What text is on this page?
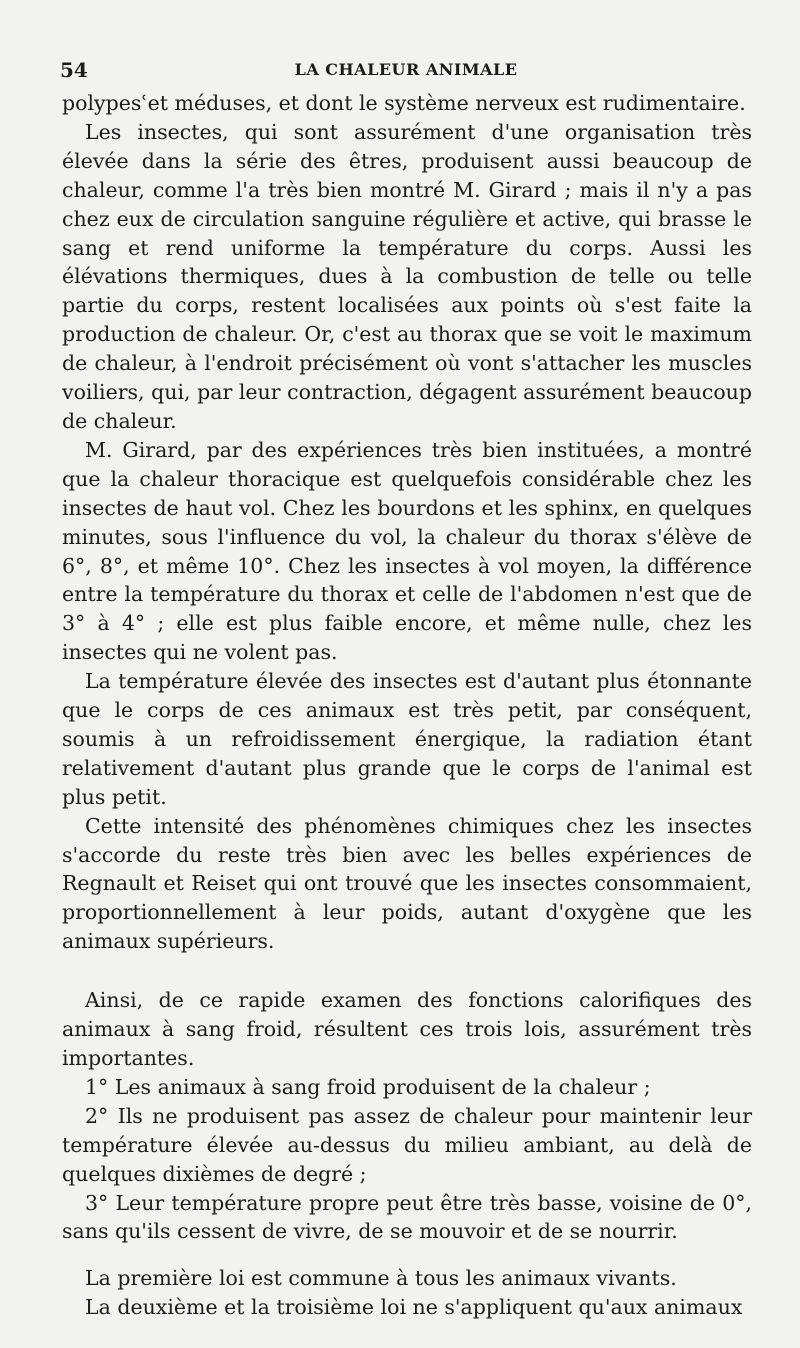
54	LA CHALEUR ANIMALE

polypesʿet méduses, et dont le système nerveux est rudimentaire.

Les insectes, qui sont assurément d'une organisation très élevée dans la série des êtres, produisent aussi beaucoup de chaleur, comme l'a très bien montré M. Girard ; mais il n'y a pas chez eux de circulation sanguine régulière et active, qui brasse le sang et rend uniforme la température du corps. Aussi les élévations thermiques, dues à la combustion de telle ou telle partie du corps, restent localisées aux points où s'est faite la production de chaleur. Or, c'est au thorax que se voit le maximum de chaleur, à l'endroit précisément où vont s'attacher les muscles voiliers, qui, par leur contraction, dégagent assurément beaucoup de chaleur.

M. Girard, par des expériences très bien instituées, a montré que la chaleur thoracique est quelquefois considérable chez les insectes de haut vol. Chez les bourdons et les sphinx, en quelques minutes, sous l'influence du vol, la chaleur du thorax s'élève de 6°, 8°, et même 10°. Chez les insectes à vol moyen, la différence entre la température du thorax et celle de l'abdomen n'est que de 3° à 4° ; elle est plus faible encore, et même nulle, chez les insectes qui ne volent pas.

La température élevée des insectes est d'autant plus étonnante que le corps de ces animaux est très petit, par conséquent, soumis à un refroidissement énergique, la radiation étant relativement d'autant plus grande que le corps de l'animal est plus petit.

Cette intensité des phénomènes chimiques chez les insectes s'accorde du reste très bien avec les belles expériences de Regnault et Reiset qui ont trouvé que les insectes consommaient, proportionnellement à leur poids, autant d'oxygène que les animaux supérieurs.

Ainsi, de ce rapide examen des fonctions calorifiques des animaux à sang froid, résultent ces trois lois, assurément très importantes.

1° Les animaux à sang froid produisent de la chaleur ;

2° Ils ne produisent pas assez de chaleur pour maintenir leur température élevée au-dessus du milieu ambiant, au delà de quelques dixièmes de degré ;

3° Leur température propre peut être très basse, voisine de 0°, sans qu'ils cessent de vivre, de se mouvoir et de se nourrir.

La première loi est commune à tous les animaux vivants.

La deuxième et la troisième loi ne s'appliquent qu'aux animaux
